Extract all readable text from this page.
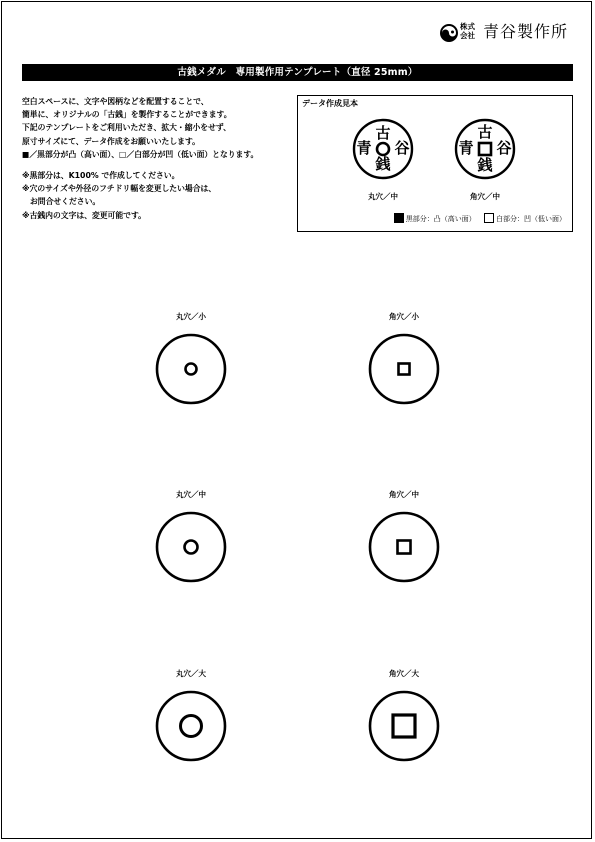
株式
会社 青谷製作所
古銭メダル　専用製作用テンプレート（直径 25mm）
空白スペースに、文字や図柄などを配置することで、
簡単に、オリジナルの「古銭」を製作することができます。
下記のテンプレートをご利用いただき、拡大・縮小をせず、
原寸サイズにて、データ作成をお願いいたします。
■／黒部分が凸（高い面）、□／白部分が凹（低い面）となります。
※黒部分は、K100% で作成してください。
※穴のサイズや外径のフチドリ幅を変更したい場合は、
お問合せください。
※古銭内の文字は、変更可能です。
データ作成見本
古
青 谷
銭
丸穴／中
古
青 谷
銭
角穴／中
黒部分：凸（高い面）	白部分：凹（低い面）
丸穴／小	角穴／小
丸穴／中	角穴／中
丸穴／大	角穴／大
